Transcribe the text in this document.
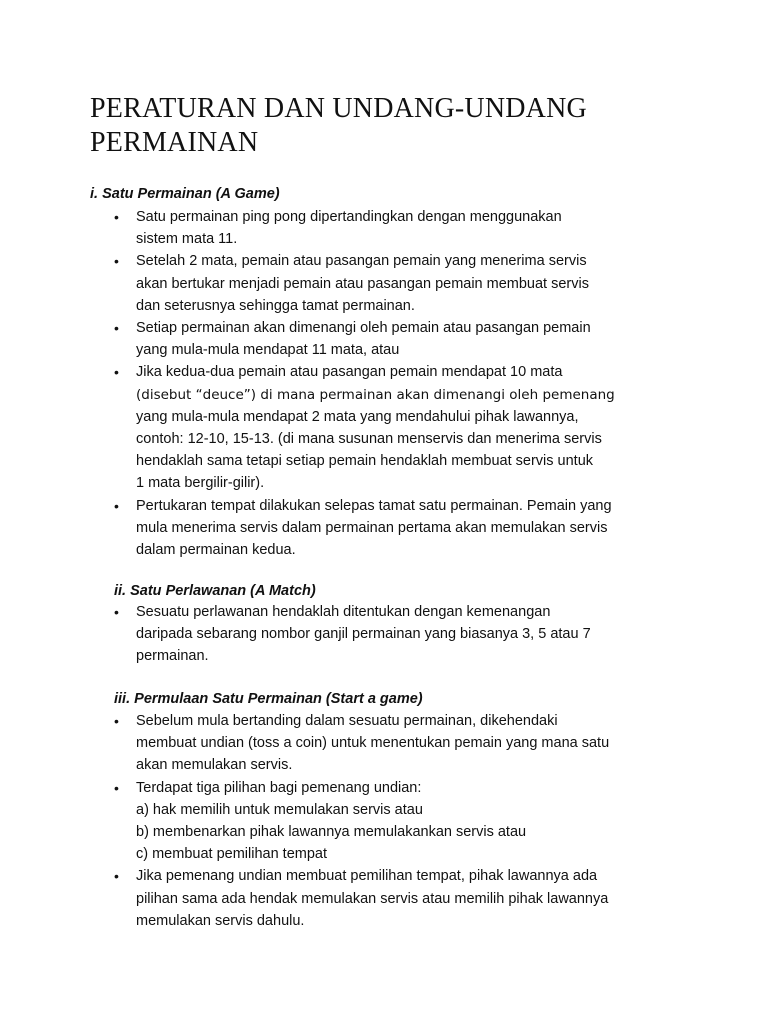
PERATURAN DAN UNDANG-UNDANG
PERMAINAN
i. Satu Permainan (A Game)
• Satu permainan ping pong dipertandingkan dengan menggunakan
sistem mata 11.
• Setelah 2 mata, pemain atau pasangan pemain yang menerima servis
akan bertukar menjadi pemain atau pasangan pemain membuat servis
dan seterusnya sehingga tamat permainan.
• Setiap permainan akan dimenangi oleh pemain atau pasangan pemain
yang mula-mula mendapat 11 mata, atau
• Jika kedua-dua pemain atau pasangan pemain mendapat 10 mata
(disebut “deuce”) di mana permainan akan dimenangi oleh pemenang
yang mula-mula mendapat 2 mata yang mendahului pihak lawannya,
contoh: 12-10, 15-13. (di mana susunan menservis dan menerima servis
hendaklah sama tetapi setiap pemain hendaklah membuat servis untuk
1 mata bergilir-gilir).
• Pertukaran tempat dilakukan selepas tamat satu permainan. Pemain yang
mula menerima servis dalam permainan pertama akan memulakan servis
dalam permainan kedua.
ii. Satu Perlawanan (A Match)
• Sesuatu perlawanan hendaklah ditentukan dengan kemenangan
daripada sebarang nombor ganjil permainan yang biasanya 3, 5 atau 7
permainan.
iii. Permulaan Satu Permainan (Start a game)
• Sebelum mula bertanding dalam sesuatu permainan, dikehendaki
membuat undian (toss a coin) untuk menentukan pemain yang mana satu
akan memulakan servis.
• Terdapat tiga pilihan bagi pemenang undian:
a) hak memilih untuk memulakan servis atau
b) membenarkan pihak lawannya memulakankan servis atau
c) membuat pemilihan tempat
• Jika pemenang undian membuat pemilihan tempat, pihak lawannya ada
pilihan sama ada hendak memulakan servis atau memilih pihak lawannya
memulakan servis dahulu.
